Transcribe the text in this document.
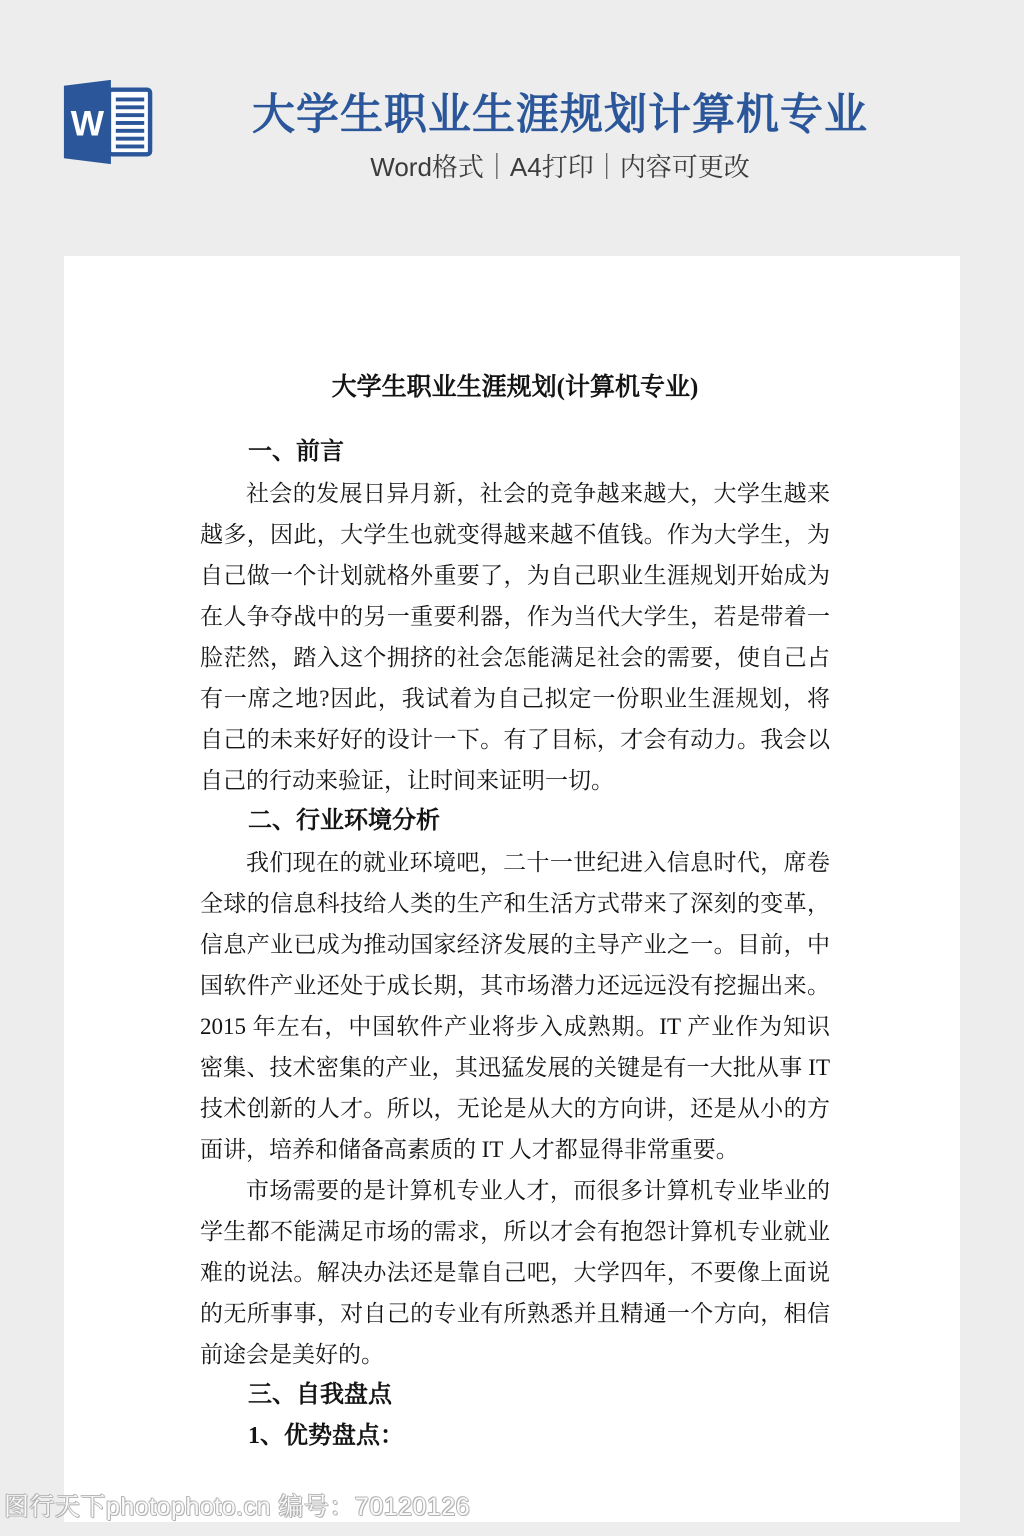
W	大学生职业生涯规划计算机专业

Word格式｜A4打印｜内容可更改

大学生职业生涯规划(计算机专业)
一、前言

社会的发展日异月新，社会的竞争越来越大，大学生越来越多，因此，大学生也就变得越来越不值钱。作为大学生，为自己做一个计划就格外重要了，为自己职业生涯规划开始成为在人争夺战中的另一重要利器，作为当代大学生，若是带着一脸茫然，踏入这个拥挤的社会怎能满足社会的需要，使自己占有一席之地?因此，我试着为自己拟定一份职业生涯规划，将自己的未来好好的设计一下。有了目标，才会有动力。我会以自己的行动来验证，让时间来证明一切。

二、行业环境分析

我们现在的就业环境吧，二十一世纪进入信息时代，席卷全球的信息科技给人类的生产和生活方式带来了深刻的变革，信息产业已成为推动国家经济发展的主导产业之一。目前，中国软件产业还处于成长期，其市场潜力还远远没有挖掘出来。2015 年左右，中国软件产业将步入成熟期。IT 产业作为知识密集、技术密集的产业，其迅猛发展的关键是有一大批从事 IT 技术创新的人才。所以，无论是从大的方向讲，还是从小的方面讲，培养和储备高素质的 IT 人才都显得非常重要。

市场需要的是计算机专业人才，而很多计算机专业毕业的学生都不能满足市场的需求，所以才会有抱怨计算机专业就业难的说法。解决办法还是靠自己吧，大学四年，不要像上面说的无所事事，对自己的专业有所熟悉并且精通一个方向，相信前途会是美好的。

三、自我盘点
1、优势盘点：
图行天下photophoto.cn 编号：70120126
